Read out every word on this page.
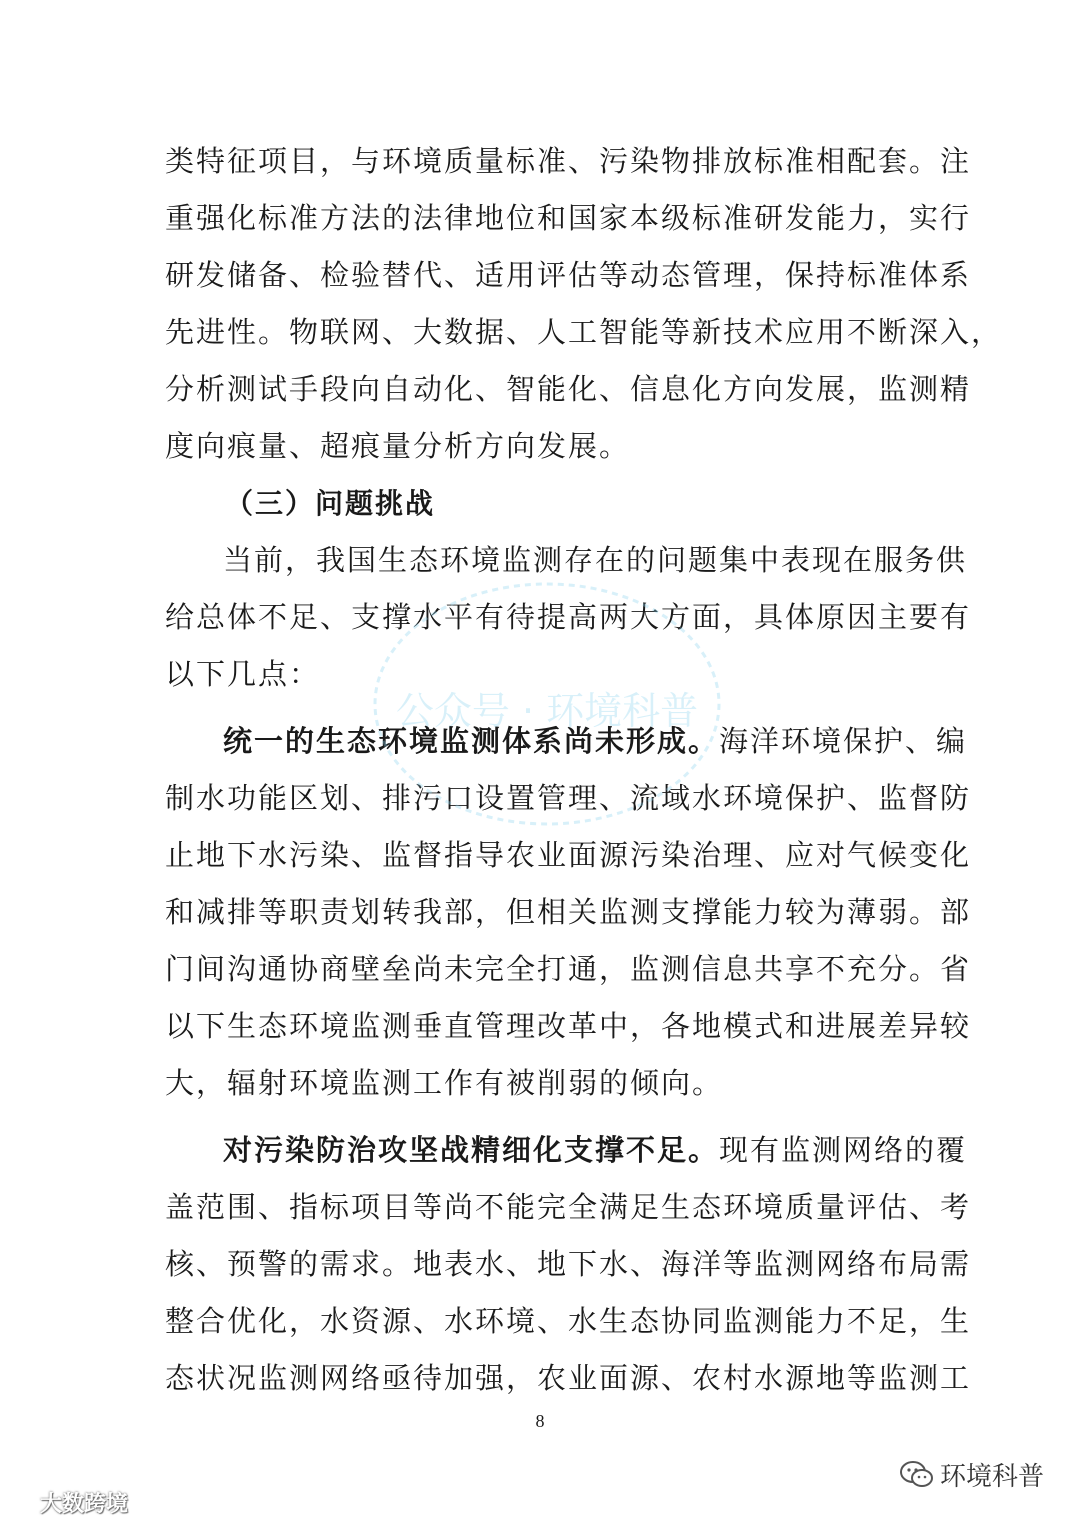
类特征项目，与环境质量标准、污染物排放标准相配套。注
重强化标准方法的法律地位和国家本级标准研发能力，实行
研发储备、检验替代、适用评估等动态管理，保持标准体系
先进性。物联网、大数据、人工智能等新技术应用不断深入，
分析测试手段向自动化、智能化、信息化方向发展，监测精
度向痕量、超痕量分析方向发展。
（三）问题挑战
当前，我国生态环境监测存在的问题集中表现在服务供
给总体不足、支撑水平有待提高两大方面，具体原因主要有
以下几点：
统一的生态环境监测体系尚未形成。海洋环境保护、编
制水功能区划、排污口设置管理、流域水环境保护、监督防
止地下水污染、监督指导农业面源污染治理、应对气候变化
和减排等职责划转我部，但相关监测支撑能力较为薄弱。部
门间沟通协商壁垒尚未完全打通，监测信息共享不充分。省
以下生态环境监测垂直管理改革中，各地模式和进展差异较
大，辐射环境监测工作有被削弱的倾向。
对污染防治攻坚战精细化支撑不足。现有监测网络的覆
盖范围、指标项目等尚不能完全满足生态环境质量评估、考
核、预警的需求。地表水、地下水、海洋等监测网络布局需
整合优化，水资源、水环境、水生态协同监测能力不足，生
态状况监测网络亟待加强，农业面源、农村水源地等监测工
公众号 · 环境科普
8
环境科普
大数跨境
